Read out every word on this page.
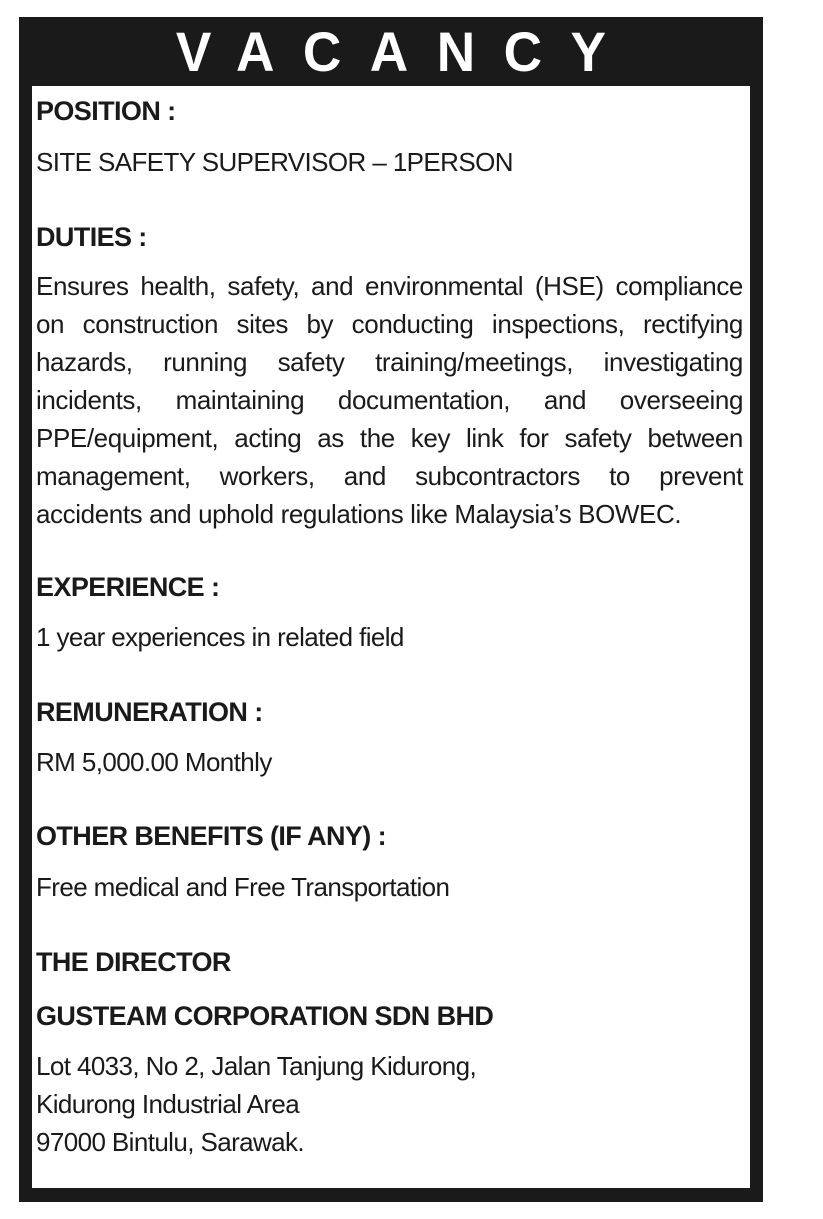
VACANCY
POSITION :
SITE SAFETY SUPERVISOR – 1PERSON
DUTIES :
Ensures health, safety, and environmental (HSE) compliance on construction sites by conducting inspections, rectifying hazards, running safety training/meetings, investigating incidents, maintaining documentation, and overseeing PPE/equipment, acting as the key link for safety between management, workers, and subcontractors to prevent accidents and uphold regulations like Malaysia’s BOWEC.
EXPERIENCE :
1 year experiences in related field
REMUNERATION :
RM 5,000.00 Monthly
OTHER BENEFITS (IF ANY) :
Free medical and Free Transportation
THE DIRECTOR
GUSTEAM CORPORATION SDN BHD
Lot 4033, No 2, Jalan Tanjung Kidurong,
Kidurong Industrial Area
97000 Bintulu, Sarawak.
